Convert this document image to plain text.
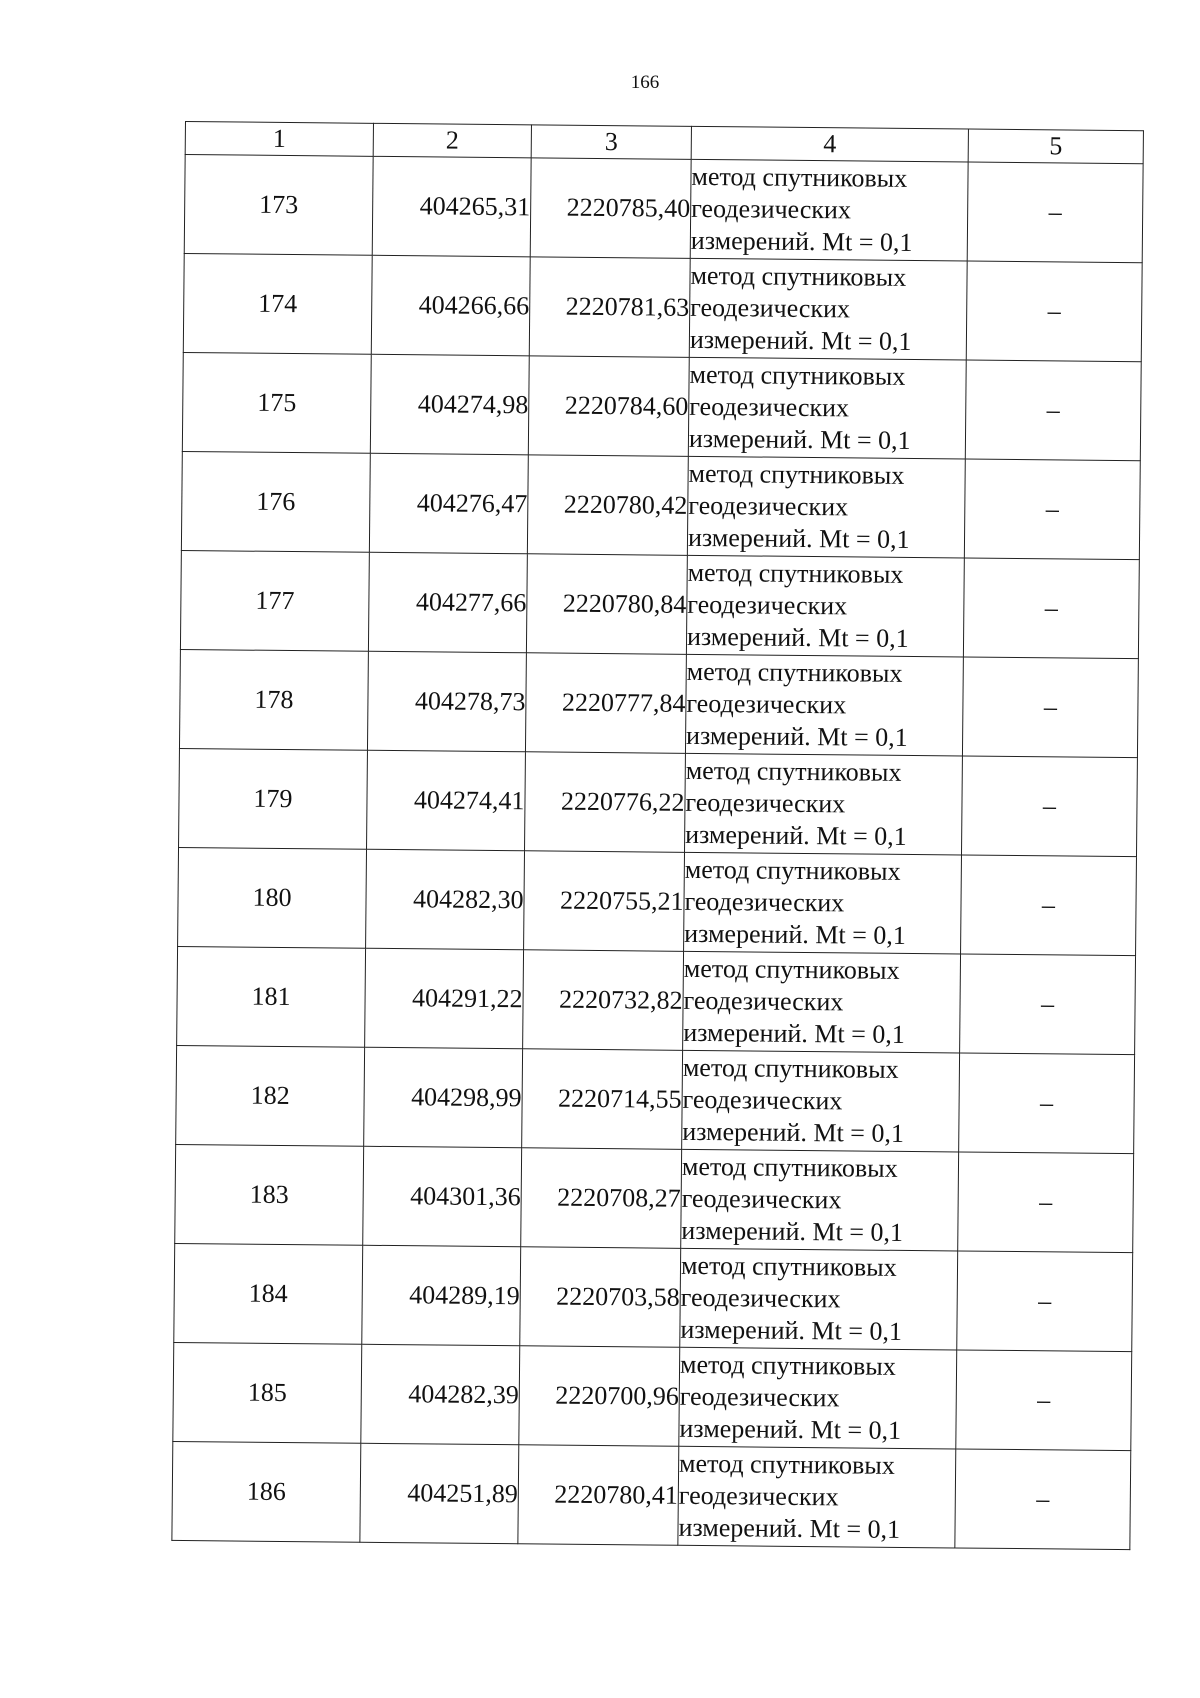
166
1	2	3	4	5
173	404265,31	2220785,40	метод спутниковых
геодезических
измерений. Mt = 0,1	–
174	404266,66	2220781,63	метод спутниковых
геодезических
измерений. Mt = 0,1	–
175	404274,98	2220784,60	метод спутниковых
геодезических
измерений. Mt = 0,1	–
176	404276,47	2220780,42	метод спутниковых
геодезических
измерений. Mt = 0,1	–
177	404277,66	2220780,84	метод спутниковых
геодезических
измерений. Mt = 0,1	–
178	404278,73	2220777,84	метод спутниковых
геодезических
измерений. Mt = 0,1	–
179	404274,41	2220776,22	метод спутниковых
геодезических
измерений. Mt = 0,1	–
180	404282,30	2220755,21	метод спутниковых
геодезических
измерений. Mt = 0,1	–
181	404291,22	2220732,82	метод спутниковых
геодезических
измерений. Mt = 0,1	–
182	404298,99	2220714,55	метод спутниковых
геодезических
измерений. Mt = 0,1	–
183	404301,36	2220708,27	метод спутниковых
геодезических
измерений. Mt = 0,1	–
184	404289,19	2220703,58	метод спутниковых
геодезических
измерений. Mt = 0,1	–
185	404282,39	2220700,96	метод спутниковых
геодезических
измерений. Mt = 0,1	–
186	404251,89	2220780,41	метод спутниковых
геодезических
измерений. Mt = 0,1	–
